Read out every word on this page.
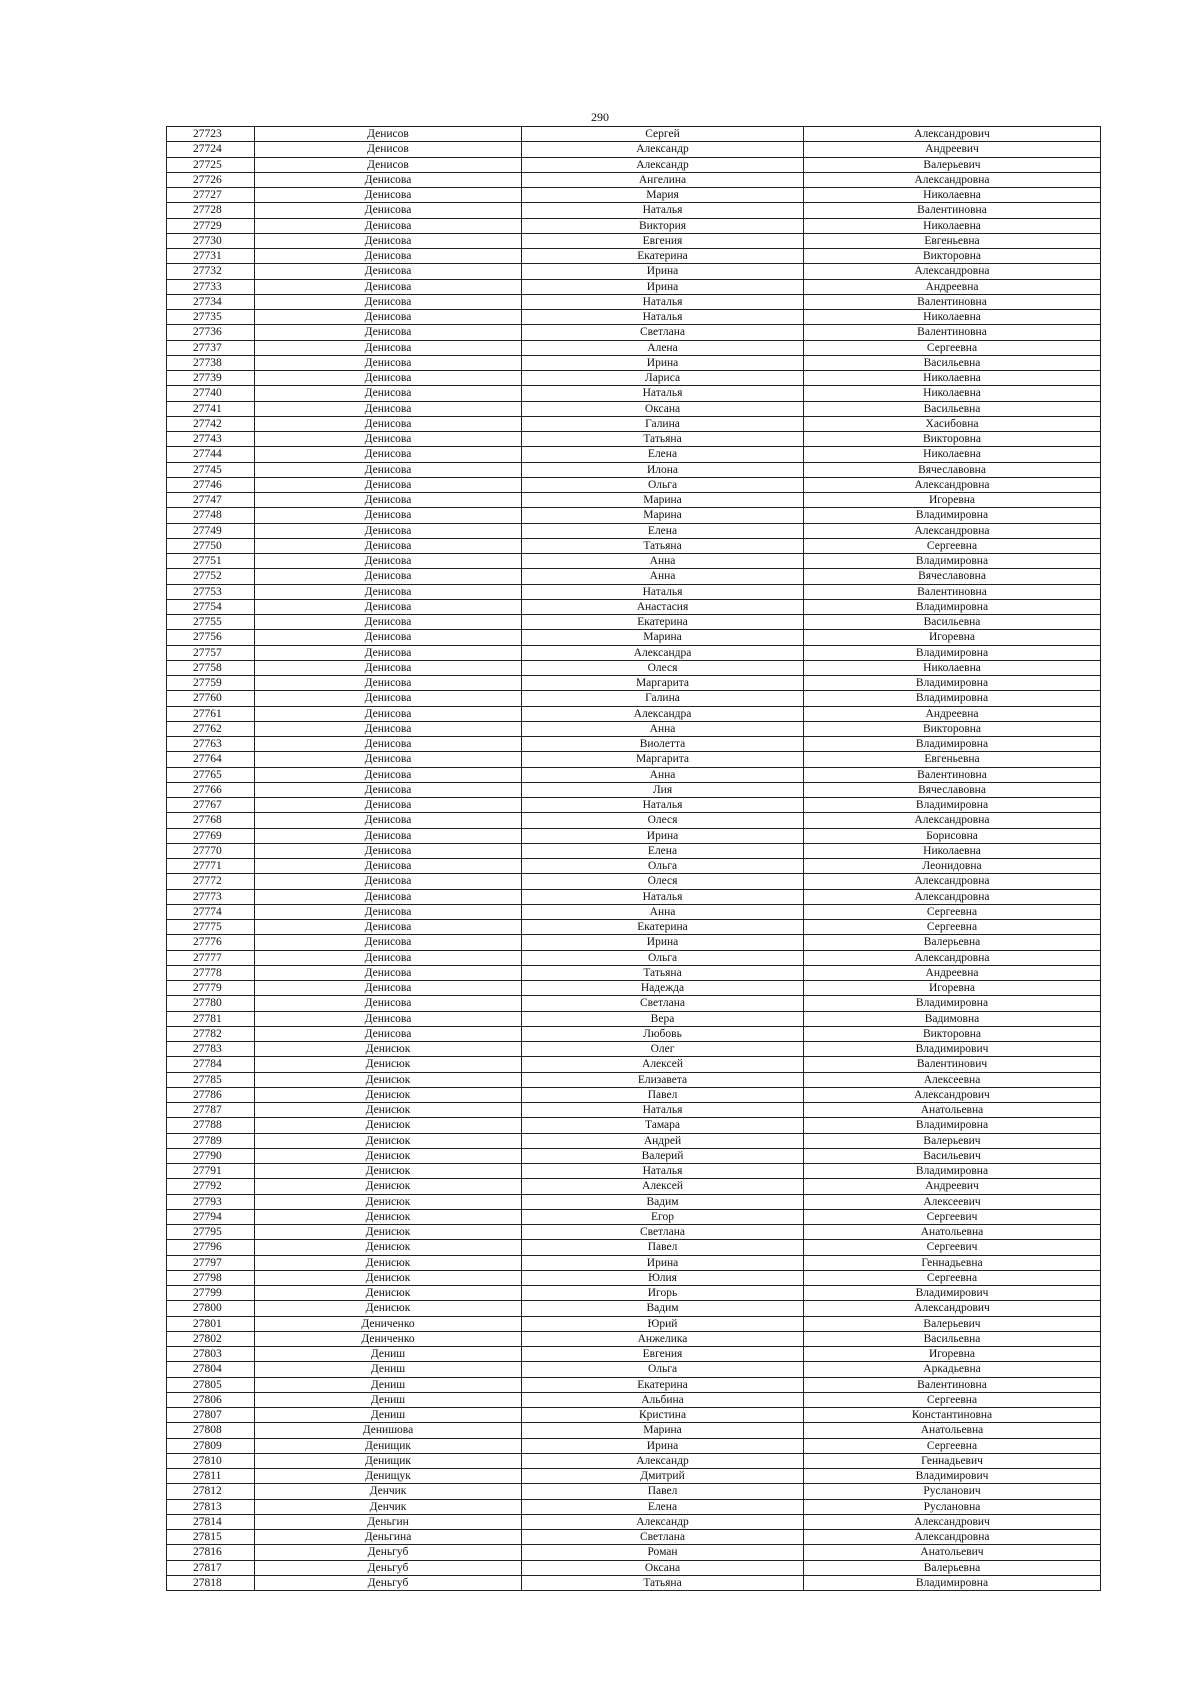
290
27723	Денисов	Сергей	Александрович
27724	Денисов	Александр	Андреевич
27725	Денисов	Александр	Валерьевич
27726	Денисова	Ангелина	Александровна
27727	Денисова	Мария	Николаевна
27728	Денисова	Наталья	Валентиновна
27729	Денисова	Виктория	Николаевна
27730	Денисова	Евгения	Евгеньевна
27731	Денисова	Екатерина	Викторовна
27732	Денисова	Ирина	Александровна
27733	Денисова	Ирина	Андреевна
27734	Денисова	Наталья	Валентиновна
27735	Денисова	Наталья	Николаевна
27736	Денисова	Светлана	Валентиновна
27737	Денисова	Алена	Сергеевна
27738	Денисова	Ирина	Васильевна
27739	Денисова	Лариса	Николаевна
27740	Денисова	Наталья	Николаевна
27741	Денисова	Оксана	Васильевна
27742	Денисова	Галина	Хасибовна
27743	Денисова	Татьяна	Викторовна
27744	Денисова	Елена	Николаевна
27745	Денисова	Илона	Вячеславовна
27746	Денисова	Ольга	Александровна
27747	Денисова	Марина	Игоревна
27748	Денисова	Марина	Владимировна
27749	Денисова	Елена	Александровна
27750	Денисова	Татьяна	Сергеевна
27751	Денисова	Анна	Владимировна
27752	Денисова	Анна	Вячеславовна
27753	Денисова	Наталья	Валентиновна
27754	Денисова	Анастасия	Владимировна
27755	Денисова	Екатерина	Васильевна
27756	Денисова	Марина	Игоревна
27757	Денисова	Александра	Владимировна
27758	Денисова	Олеся	Николаевна
27759	Денисова	Маргарита	Владимировна
27760	Денисова	Галина	Владимировна
27761	Денисова	Александра	Андреевна
27762	Денисова	Анна	Викторовна
27763	Денисова	Виолетта	Владимировна
27764	Денисова	Маргарита	Евгеньевна
27765	Денисова	Анна	Валентиновна
27766	Денисова	Лия	Вячеславовна
27767	Денисова	Наталья	Владимировна
27768	Денисова	Олеся	Александровна
27769	Денисова	Ирина	Борисовна
27770	Денисова	Елена	Николаевна
27771	Денисова	Ольга	Леонидовна
27772	Денисова	Олеся	Александровна
27773	Денисова	Наталья	Александровна
27774	Денисова	Анна	Сергеевна
27775	Денисова	Екатерина	Сергеевна
27776	Денисова	Ирина	Валерьевна
27777	Денисова	Ольга	Александровна
27778	Денисова	Татьяна	Андреевна
27779	Денисова	Надежда	Игоревна
27780	Денисова	Светлана	Владимировна
27781	Денисова	Вера	Вадимовна
27782	Денисова	Любовь	Викторовна
27783	Денисюк	Олег	Владимирович
27784	Денисюк	Алексей	Валентинович
27785	Денисюк	Елизавета	Алексеевна
27786	Денисюк	Павел	Александрович
27787	Денисюк	Наталья	Анатольевна
27788	Денисюк	Тамара	Владимировна
27789	Денисюк	Андрей	Валерьевич
27790	Денисюк	Валерий	Васильевич
27791	Денисюк	Наталья	Владимировна
27792	Денисюк	Алексей	Андреевич
27793	Денисюк	Вадим	Алексеевич
27794	Денисюк	Егор	Сергеевич
27795	Денисюк	Светлана	Анатольевна
27796	Денисюк	Павел	Сергеевич
27797	Денисюк	Ирина	Геннадьевна
27798	Денисюк	Юлия	Сергеевна
27799	Денисюк	Игорь	Владимирович
27800	Денисюк	Вадим	Александрович
27801	Дениченко	Юрий	Валерьевич
27802	Дениченко	Анжелика	Васильевна
27803	Дениш	Евгения	Игоревна
27804	Дениш	Ольга	Аркадьевна
27805	Дениш	Екатерина	Валентиновна
27806	Дениш	Альбина	Сергеевна
27807	Дениш	Кристина	Константиновна
27808	Денишова	Марина	Анатольевна
27809	Денищик	Ирина	Сергеевна
27810	Денищик	Александр	Геннадьевич
27811	Денищук	Дмитрий	Владимирович
27812	Денчик	Павел	Русланович
27813	Денчик	Елена	Руслановна
27814	Деньгин	Александр	Александрович
27815	Деньгина	Светлана	Александровна
27816	Деньгуб	Роман	Анатольевич
27817	Деньгуб	Оксана	Валерьевна
27818	Деньгуб	Татьяна	Владимировна
